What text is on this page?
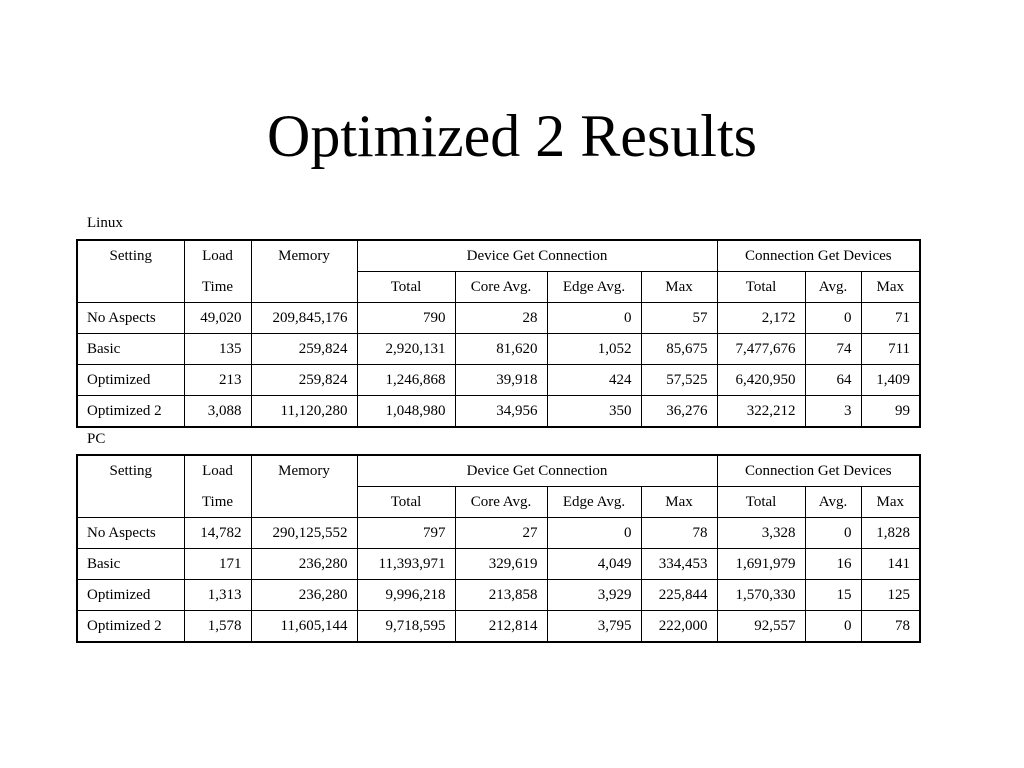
Optimized 2 Results
Linux
Setting	Load	Memory	Device Get Connection				Connection Get Devices		
	Time		Total	Core Avg.	Edge Avg.	Max	Total	Avg.	Max
No Aspects	49,020	209,845,176	790	28	0	57	2,172	0	71
Basic	135	259,824	2,920,131	81,620	1,052	85,675	7,477,676	74	711
Optimized	213	259,824	1,246,868	39,918	424	57,525	6,420,950	64	1,409
Optimized 2	3,088	11,120,280	1,048,980	34,956	350	36,276	322,212	3	99
PC
Setting	Load	Memory	Device Get Connection				Connection Get Devices		
	Time		Total	Core Avg.	Edge Avg.	Max	Total	Avg.	Max
No Aspects	14,782	290,125,552	797	27	0	78	3,328	0	1,828
Basic	171	236,280	11,393,971	329,619	4,049	334,453	1,691,979	16	141
Optimized	1,313	236,280	9,996,218	213,858	3,929	225,844	1,570,330	15	125
Optimized 2	1,578	11,605,144	9,718,595	212,814	3,795	222,000	92,557	0	78
